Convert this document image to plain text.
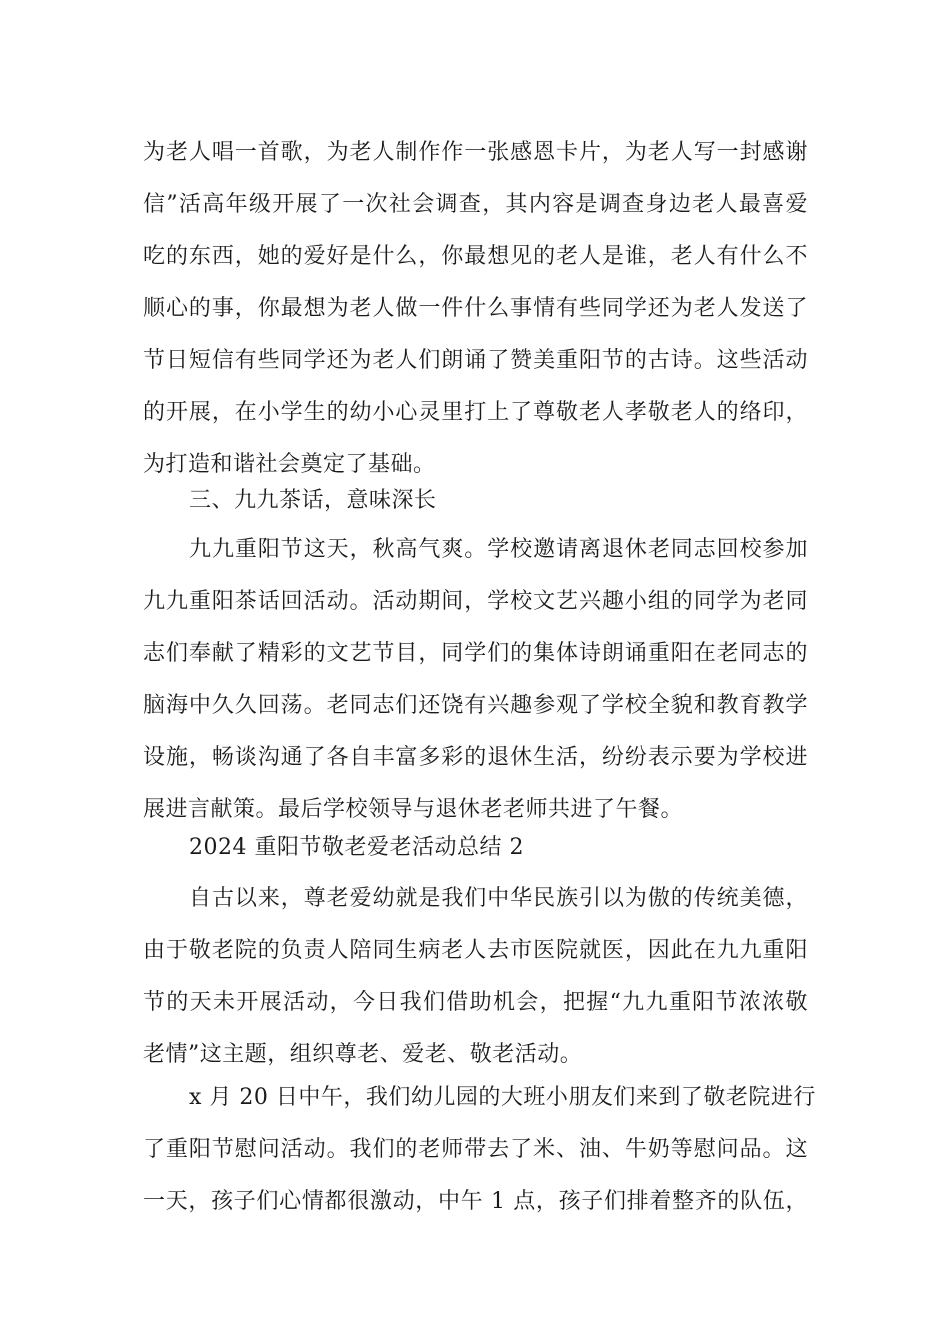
为老人唱一首歌，为老人制作作一张感恩卡片，为老人写一封感谢
信”活高年级开展了一次社会调查，其内容是调查身边老人最喜爱
吃的东西，她的爱好是什么，你最想见的老人是谁，老人有什么不
顺心的事，你最想为老人做一件什么事情有些同学还为老人发送了
节日短信有些同学还为老人们朗诵了赞美重阳节的古诗。这些活动
的开展，在小学生的幼小心灵里打上了尊敬老人孝敬老人的络印，
为打造和谐社会奠定了基础。
三、九九茶话，意味深长
九九重阳节这天，秋高气爽。学校邀请离退休老同志回校参加
九九重阳茶话回活动。活动期间，学校文艺兴趣小组的同学为老同
志们奉献了精彩的文艺节目，同学们的集体诗朗诵重阳在老同志的
脑海中久久回荡。老同志们还饶有兴趣参观了学校全貌和教育教学
设施，畅谈沟通了各自丰富多彩的退休生活，纷纷表示要为学校进
展进言献策。最后学校领导与退休老老师共进了午餐。
2024 重阳节敬老爱老活动总结 2
自古以来，尊老爱幼就是我们中华民族引以为傲的传统美德，
由于敬老院的负责人陪同生病老人去市医院就医，因此在九九重阳
节的天未开展活动，今日我们借助机会，把握“九九重阳节浓浓敬
老情”这主题，组织尊老、爱老、敬老活动。
x 月 20 日中午，我们幼儿园的大班小朋友们来到了敬老院进行
了重阳节慰问活动。我们的老师带去了米、油、牛奶等慰问品。这
一天，孩子们心情都很激动，中午 1 点，孩子们排着整齐的队伍，
